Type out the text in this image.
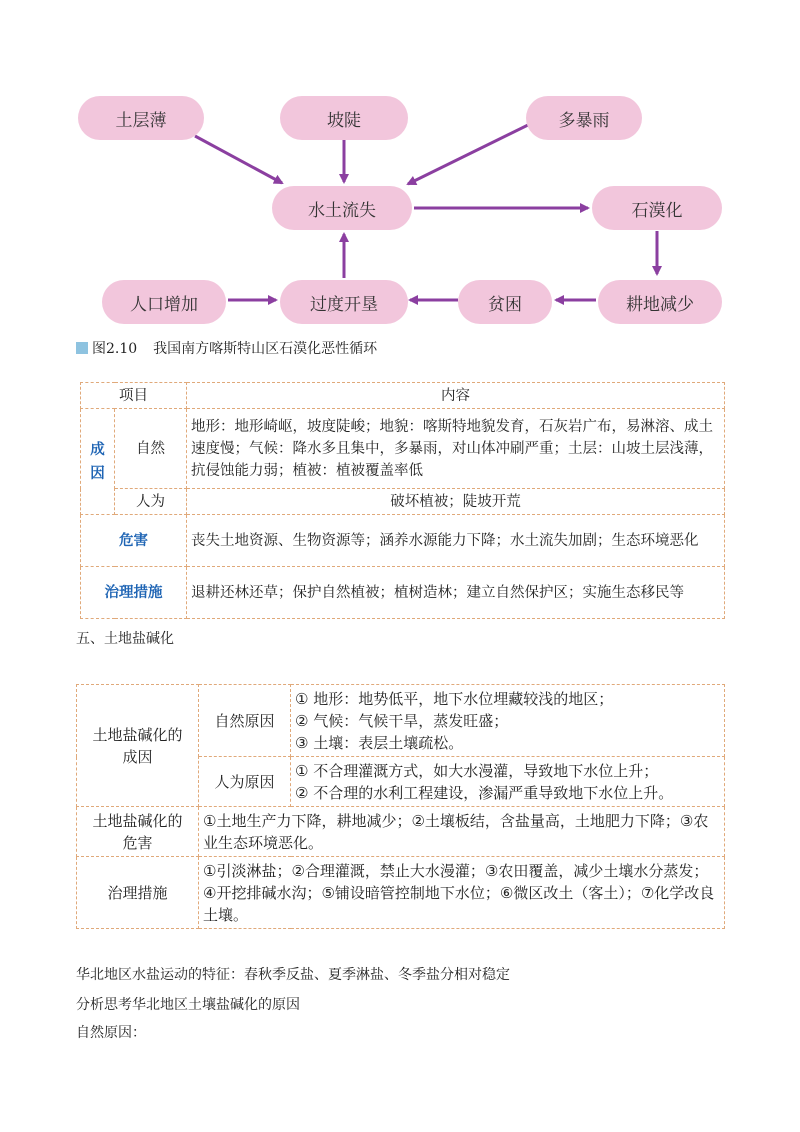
土层薄	坡陡	多暴雨
水土流失	石漠化
人口增加	过度开垦	贫困	耕地减少
图2.10 我国南方喀斯特山区石漠化恶性循环
项目		内容
成因	自然	地形：地形崎岖，坡度陡峻；地貌：喀斯特地貌发育，石灰岩广布，易淋溶、成土速度慢；气候：降水多且集中，多暴雨，对山体冲刷严重；土层：山坡土层浅薄，抗侵蚀能力弱；植被：植被覆盖率低
	人为	破坏植被；陡坡开荒
危害		丧失土地资源、生物资源等；涵养水源能力下降；水土流失加剧；生态环境恶化
治理措施		退耕还林还草；保护自然植被；植树造林；建立自然保护区；实施生态移民等
五、土地盐碱化
土地盐碱化的成因	自然原因	① 地形：地势低平，地下水位埋藏较浅的地区；
② 气候：气候干旱，蒸发旺盛；
③ 土壤：表层土壤疏松。

	人为原因	① 不合理灌溉方式，如大水漫灌，导致地下水位上升；
② 不合理的水利工程建设，渗漏严重导致地下水位上升。

土地盐碱化的危害	①土地生产力下降，耕地减少；②土壤板结，含盐量高，土地肥力下降；③农业生态环境恶化。	
治理措施	①引淡淋盐；②合理灌溉，禁止大水漫灌；③农田覆盖，减少土壤水分蒸发；④开挖排碱水沟；⑤铺设暗管控制地下水位；⑥微区改土（客土）；⑦化学改良土壤。	
华北地区水盐运动的特征：春秋季反盐、夏季淋盐、冬季盐分相对稳定
分析思考华北地区土壤盐碱化的原因
自然原因：
